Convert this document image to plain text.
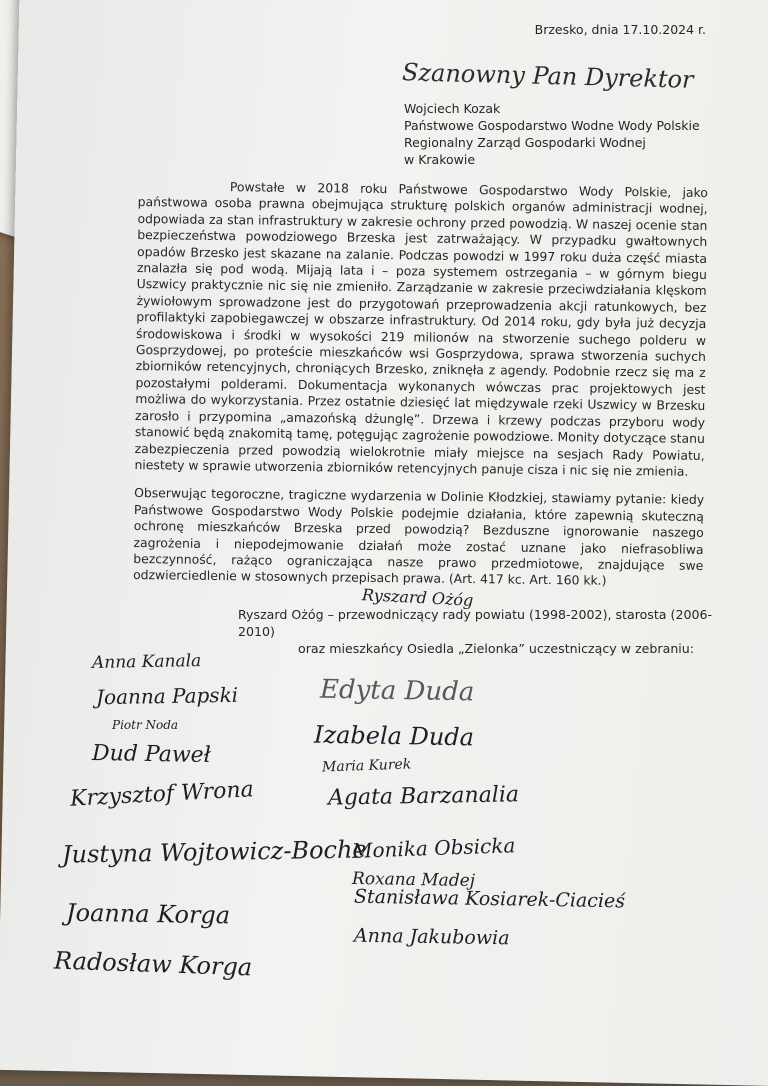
Brzesko, dnia 17.10.2024 r.
Szanowny Pan Dyrektor
Wojciech Kozak
Państwowe Gospodarstwo Wodne Wody Polskie
Regionalny Zarząd Gospodarki Wodnej
w Krakowie

Powstałe w 2018 roku Państwowe Gospodarstwo Wody Polskie, jako państwowa osoba prawna obejmująca strukturę polskich organów administracji wodnej, odpowiada za stan infrastruktury w zakresie ochrony przed powodzią. W naszej ocenie stan bezpieczeństwa powodziowego Brzeska jest zatrważający. W przypadku gwałtownych opadów Brzesko jest skazane na zalanie. Podczas powodzi w 1997 roku duża część miasta znalazła się pod wodą. Mijają lata i – poza systemem ostrzegania – w górnym biegu Uszwicy praktycznie nic się nie zmieniło. Zarządzanie w zakresie przeciwdziałania klęskom żywiołowym sprowadzone jest do przygotowań przeprowadzenia akcji ratunkowych, bez profilaktyki zapobiegawczej w obszarze infrastruktury. Od 2014 roku, gdy była już decyzja środowiskowa i środki w wysokości 219 milionów na stworzenie suchego polderu w Gosprzydowej, po proteście mieszkańców wsi Gosprzydowa, sprawa stworzenia suchych zbiorników retencyjnych, chroniących Brzesko, zniknęła z agendy. Podobnie rzecz się ma z pozostałymi polderami. Dokumentacja wykonanych wówczas prac projektowych jest możliwa do wykorzystania. Przez ostatnie dziesięć lat międzywale rzeki Uszwicy w Brzesku zarosło i przypomina „amazońską dżunglę”. Drzewa i krzewy podczas przyboru wody stanowić będą znakomitą tamę, potęgując zagrożenie powodziowe. Monity dotyczące stanu zabezpieczenia przed powodzią wielokrotnie miały miejsce na sesjach Rady Powiatu, niestety w sprawie utworzenia zbiorników retencyjnych panuje cisza i nic się nie zmienia.

Obserwując tegoroczne, tragiczne wydarzenia w Dolinie Kłodzkiej, stawiamy pytanie: kiedy Państwowe Gospodarstwo Wody Polskie podejmie działania, które zapewnią skuteczną ochronę mieszkańców Brzeska przed powodzią? Bezduszne ignorowanie naszego zagrożenia i niepodejmowanie działań może zostać uznane jako niefrasobliwa bezczynność, rażąco ograniczająca nasze prawo przedmiotowe, znajdujące swe odzwierciedlenie w stosownych przepisach prawa. (Art. 417 kc. Art. 160 kk.)

Ryszard Ożóg
Ryszard Ożóg – przewodniczący rady powiatu (1998-2002), starosta (2006-2010)
oraz mieszkańcy Osiedla „Zielonka” uczestniczący w zebraniu:
Anna Kanala
Joanna Papski
Piotr Noda
Dud Paweł
Krzysztof Wrona
Justyna Wojtowicz-Boche
Joanna Korga
Radosław Korga
Edyta Duda
Izabela Duda
Maria Kurek
Agata Barzanalia
Monika Obsicka
Roxana Madej
Stanisława Kosiarek-Ciacieś
Anna Jakubowia
